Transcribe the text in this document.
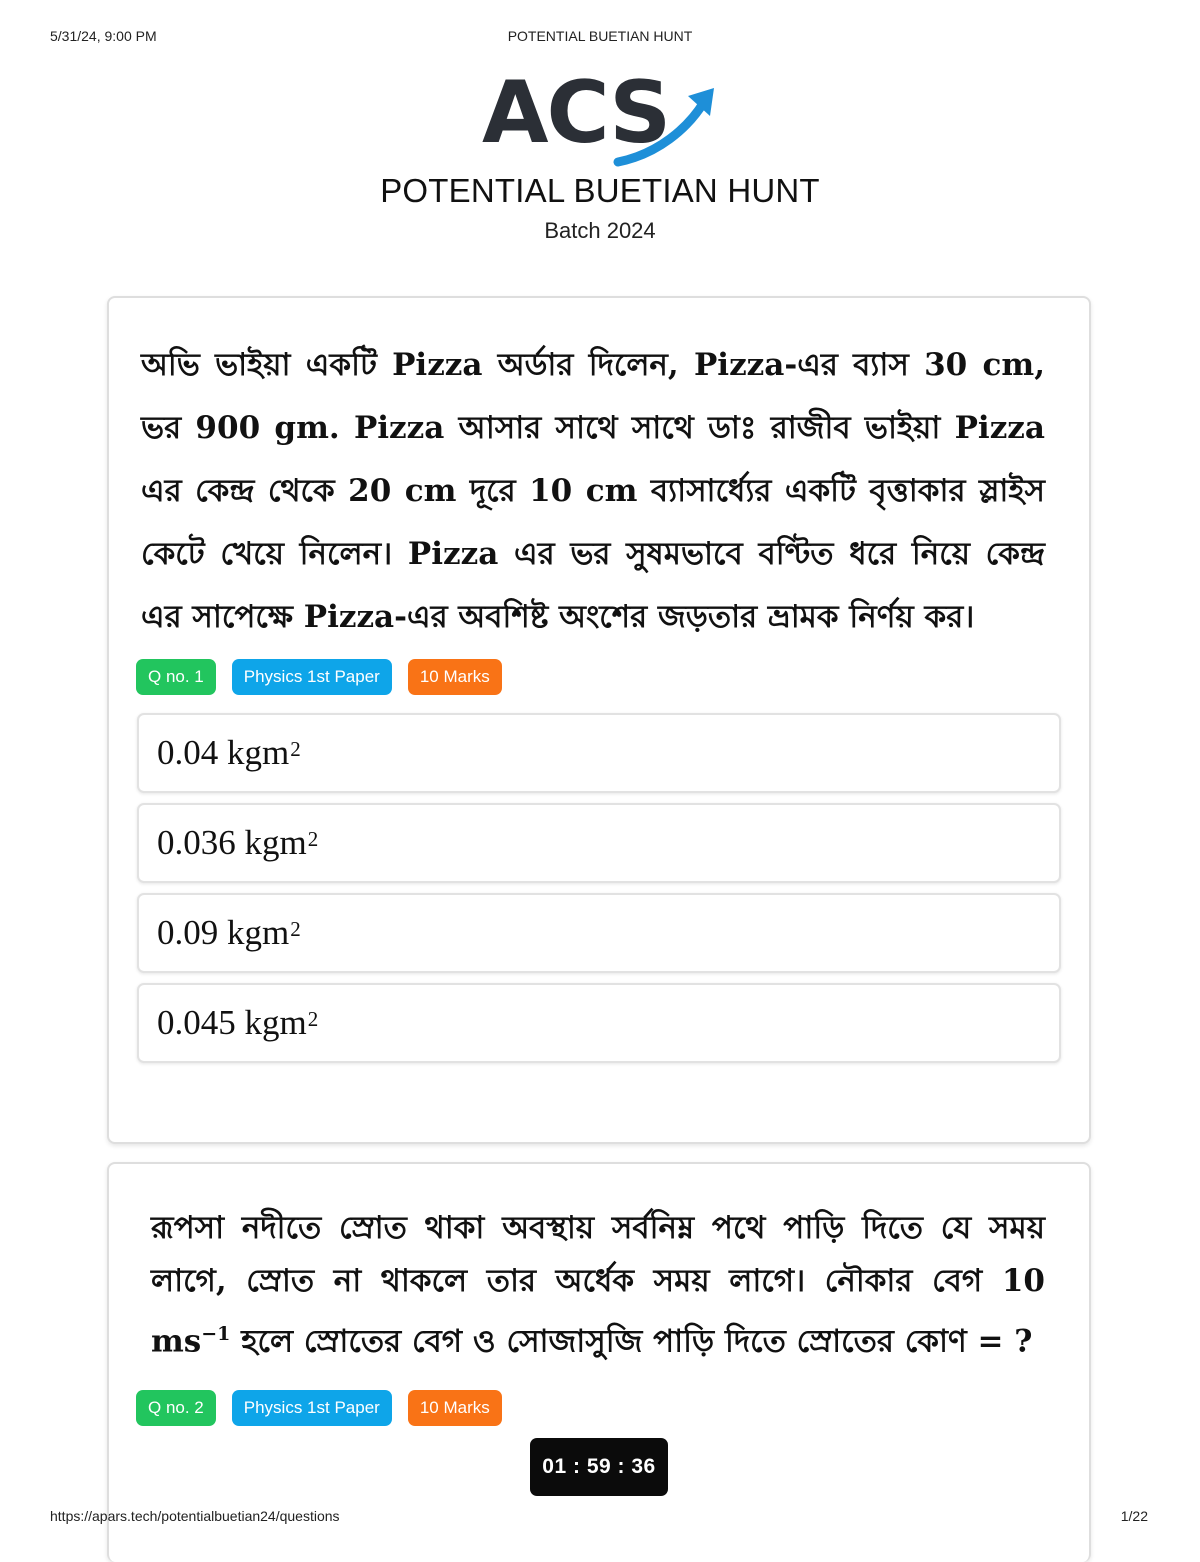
5/31/24, 9:00 PM	POTENTIAL BUETIAN HUNT
ACS
POTENTIAL BUETIAN HUNT
Batch 2024
অভি ভাইয়া একটি Pizza অর্ডার দিলেন, Pizza-এর ব্যাস 30 cm, ভর 900 gm. Pizza আসার সাথে সাথে ডাঃ রাজীব ভাইয়া Pizza এর কেন্দ্র থেকে 20 cm দূরে 10 cm ব্যাসার্ধ্যের একটি বৃত্তাকার স্লাইস কেটে খেয়ে নিলেন। Pizza এর ভর সুষমভাবে বণ্টিত ধরে নিয়ে কেন্দ্র এর সাপেক্ষে Pizza-এর অবশিষ্ট অংশের জড়তার ভ্রামক নির্ণয় কর।
Q no. 1	Physics 1st Paper	10 Marks
0.04 kgm$^2$
0.036 kgm$^2$
0.09 kgm$^2$
0.045 kgm$^2$
রূপসা নদীতে স্রোত থাকা অবস্থায় সর্বনিম্ন পথে পাড়ি দিতে যে সময় লাগে, স্রোত না থাকলে তার অর্ধেক সময় লাগে। নৌকার বেগ 10 $ms^{-1}$ হলে স্রোতের বেগ ও সোজাসুজি পাড়ি দিতে স্রোতের কোণ = ?
Q no. 2	Physics 1st Paper	10 Marks
01 : 59 : 36
https://apars.tech/potentialbuetian24/questions	1/22
